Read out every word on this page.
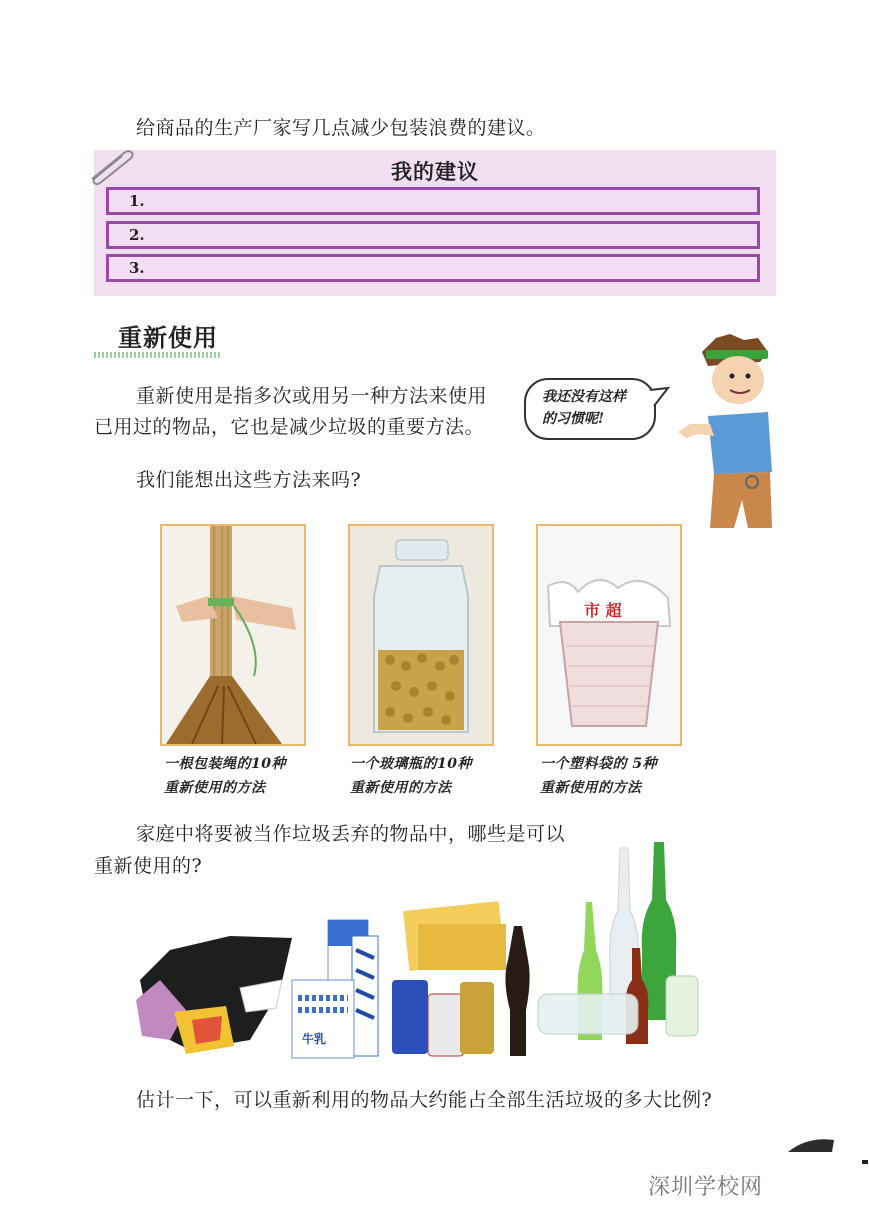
给商品的生产厂家写几点减少包装浪费的建议。
我的建议
1.
2.
3.
重新使用
重新使用是指多次或用另一种方法来使用
已用过的物品，它也是减少垃圾的重要方法。
我们能想出这些方法来吗?
我还没有这样
的习惯呢!
市 超
一根包装绳的10种
重新使用的方法
一个玻璃瓶的10种
重新使用的方法
一个塑料袋的 5种
重新使用的方法
家庭中将要被当作垃圾丢弃的物品中，哪些是可以
重新使用的?
牛乳
估计一下，可以重新利用的物品大约能占全部生活垃圾的多大比例?
深圳学校网
